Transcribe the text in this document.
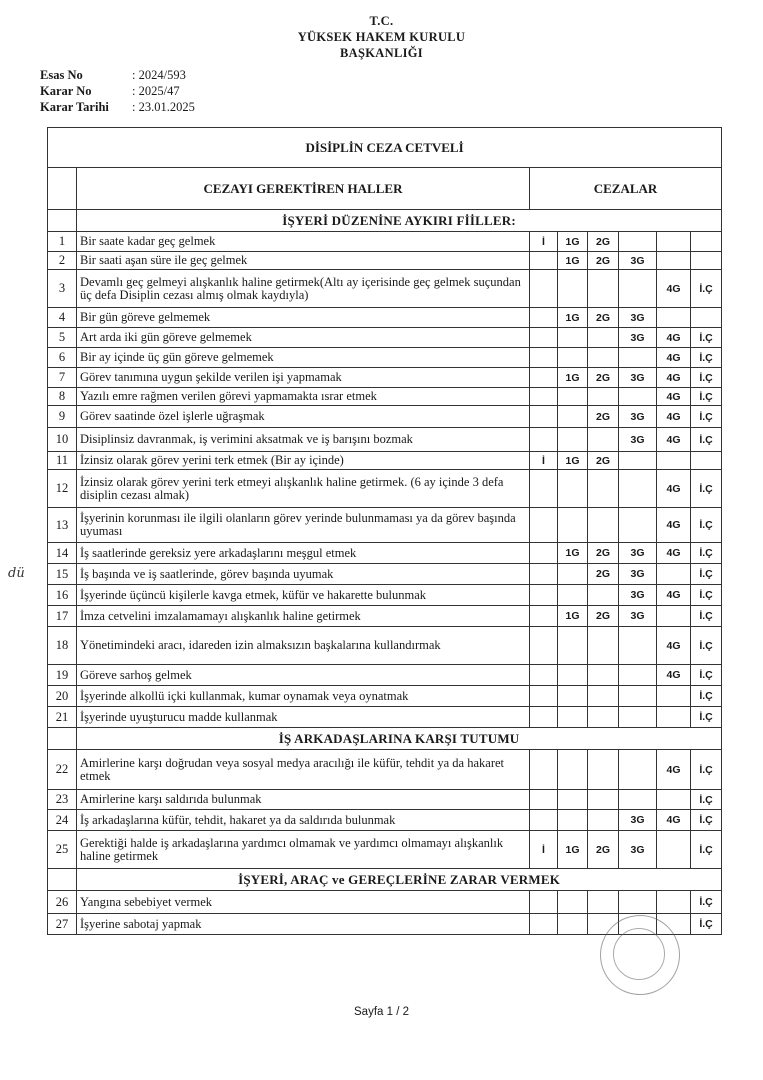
T.C.
YÜKSEK HAKEM KURULU
BAŞKANLIĞI
Esas No	: 2024/593
Karar No	: 2025/47
Karar Tarihi : 23.01.2025
dü
DİSİPLİN CEZA CETVELİ							
	CEZAYI GEREKTİREN HALLER	CEZALAR					
	İŞYERİ DÜZENİNE AYKIRI FİİLLER:						
1	Bir saate kadar geç gelmek	İ	1G	2G			
2	Bir saati aşan süre ile geç gelmek		1G	2G	3G		
3	Devamlı geç gelmeyi alışkanlık haline getirmek(Altı ay içerisinde geç gelmek suçundan üç defa Disiplin cezası almış olmak kaydıyla)					4G	İ.Ç
4	Bir gün göreve gelmemek		1G	2G	3G		
5	Art arda iki gün göreve gelmemek				3G	4G	İ.Ç
6	Bir ay içinde üç gün göreve gelmemek					4G	İ.Ç
7	Görev tanımına uygun şekilde verilen işi yapmamak		1G	2G	3G	4G	İ.Ç
8	Yazılı emre rağmen verilen görevi yapmamakta ısrar etmek					4G	İ.Ç
9	Görev saatinde özel işlerle uğraşmak			2G	3G	4G	İ.Ç
10	Disiplinsiz davranmak, iş verimini aksatmak ve iş barışını bozmak				3G	4G	İ.Ç
11	İzinsiz olarak görev yerini terk etmek (Bir ay içinde)	İ	1G	2G			
12	İzinsiz olarak görev yerini terk etmeyi alışkanlık haline getirmek. (6 ay içinde 3 defa disiplin cezası almak)					4G	İ.Ç
13	İşyerinin korunması ile ilgili olanların görev yerinde bulunmaması ya da görev başında uyuması					4G	İ.Ç
14	İş saatlerinde gereksiz yere arkadaşlarını meşgul etmek		1G	2G	3G	4G	İ.Ç
15	İş başında ve iş saatlerinde, görev başında uyumak			2G	3G		İ.Ç
16	İşyerinde üçüncü kişilerle kavga etmek, küfür ve hakarette bulunmak				3G	4G	İ.Ç
17	İmza cetvelini imzalamamayı alışkanlık haline getirmek		1G	2G	3G		İ.Ç
18	Yönetimindeki aracı, idareden izin almaksızın başkalarına kullandırmak					4G	İ.Ç
19	Göreve sarhoş gelmek					4G	İ.Ç
20	İşyerinde alkollü içki kullanmak, kumar oynamak veya oynatmak						İ.Ç
21	İşyerinde uyuşturucu madde kullanmak						İ.Ç
	İŞ ARKADAŞLARINA KARŞI TUTUMU						
22	Amirlerine karşı doğrudan veya sosyal medya aracılığı ile küfür, tehdit ya da hakaret etmek					4G	İ.Ç
23	Amirlerine karşı saldırıda bulunmak						İ.Ç
24	İş arkadaşlarına küfür, tehdit, hakaret ya da saldırıda bulunmak				3G	4G	İ.Ç
25	Gerektiği halde iş arkadaşlarına yardımcı olmamak ve yardımcı olmamayı alışkanlık haline getirmek	İ	1G	2G	3G		İ.Ç
	İŞYERİ, ARAÇ ve GEREÇLERİNE ZARAR VERMEK						
26	Yangına sebebiyet vermek						İ.Ç
27	İşyerine sabotaj yapmak						İ.Ç
Sayfa 1 / 2
